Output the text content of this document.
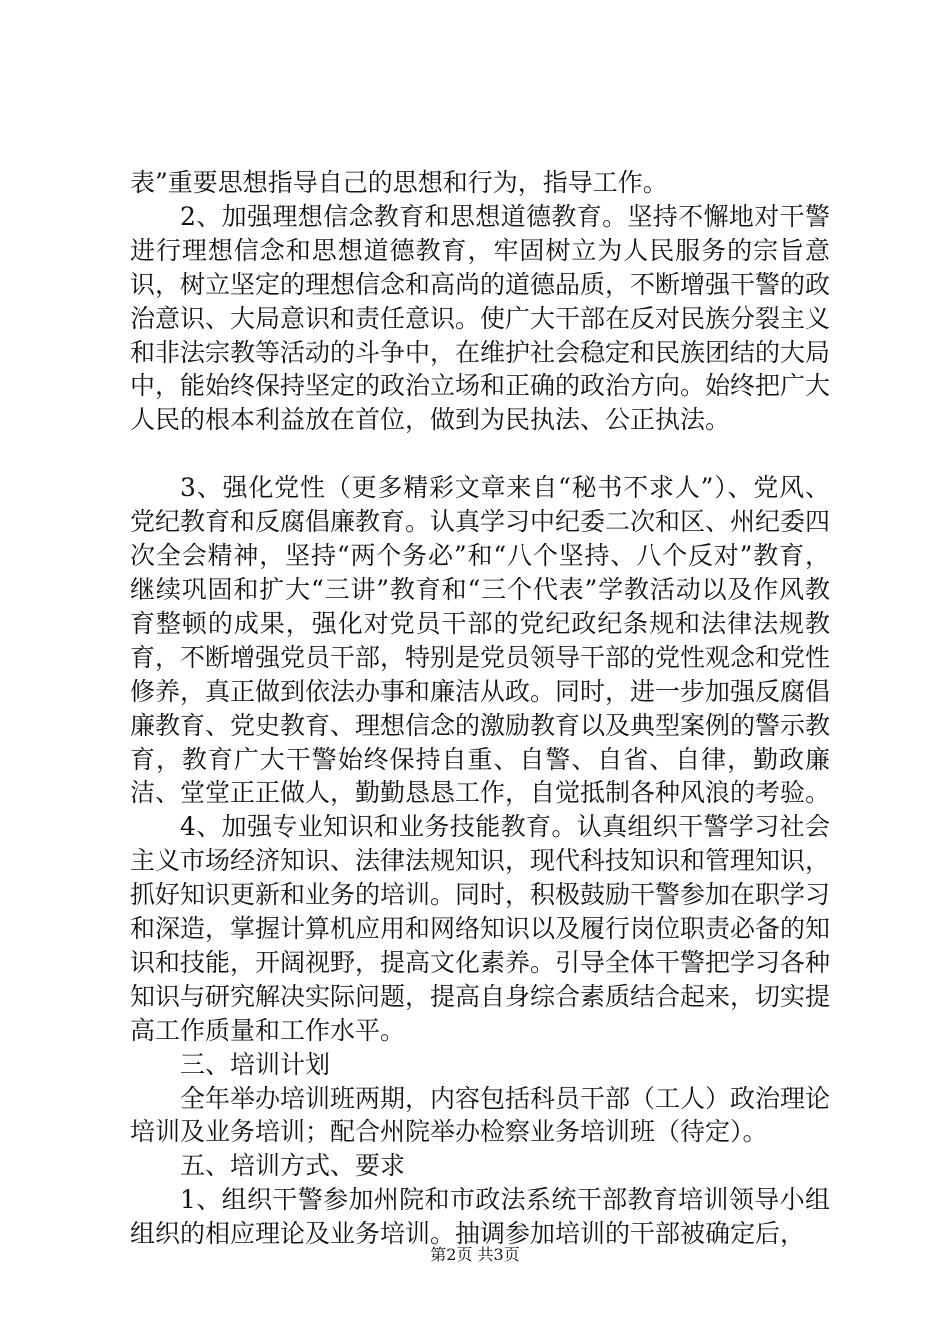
表”重要思想指导自己的思想和行为，指导工作。

2、加强理想信念教育和思想道德教育。坚持不懈地对干警进行理想信念和思想道德教育，牢固树立为人民服务的宗旨意识，树立坚定的理想信念和高尚的道德品质，不断增强干警的政治意识、大局意识和责任意识。使广大干部在反对民族分裂主义和非法宗教等活动的斗争中，在维护社会稳定和民族团结的大局中，能始终保持坚定的政治立场和正确的政治方向。始终把广大人民的根本利益放在首位，做到为民执法、公正执法。

3、强化党性（更多精彩文章来自“秘书不求人”）、党风、党纪教育和反腐倡廉教育。认真学习中纪委二次和区、州纪委四次全会精神，坚持“两个务必”和“八个坚持、八个反对”教育，继续巩固和扩大“三讲”教育和“三个代表”学教活动以及作风教育整顿的成果，强化对党员干部的党纪政纪条规和法律法规教育，不断增强党员干部，特别是党员领导干部的党性观念和党性修养，真正做到依法办事和廉洁从政。同时，进一步加强反腐倡廉教育、党史教育、理想信念的激励教育以及典型案例的警示教育，教育广大干警始终保持自重、自警、自省、自律，勤政廉洁、堂堂正正做人，勤勤恳恳工作，自觉抵制各种风浪的考验。

4、加强专业知识和业务技能教育。认真组织干警学习社会主义市场经济知识、法律法规知识，现代科技知识和管理知识，抓好知识更新和业务的培训。同时，积极鼓励干警参加在职学习和深造，掌握计算机应用和网络知识以及履行岗位职责必备的知识和技能，开阔视野，提高文化素养。引导全体干警把学习各种知识与研究解决实际问题，提高自身综合素质结合起来，切实提高工作质量和工作水平。

三、培训计划

全年举办培训班两期，内容包括科员干部（工人）政治理论培训及业务培训；配合州院举办检察业务培训班（待定）。

五、培训方式、要求

1、组织干警参加州院和市政法系统干部教育培训领导小组组织的相应理论及业务培训。抽调参加培训的干部被确定后，

第2页 共3页
